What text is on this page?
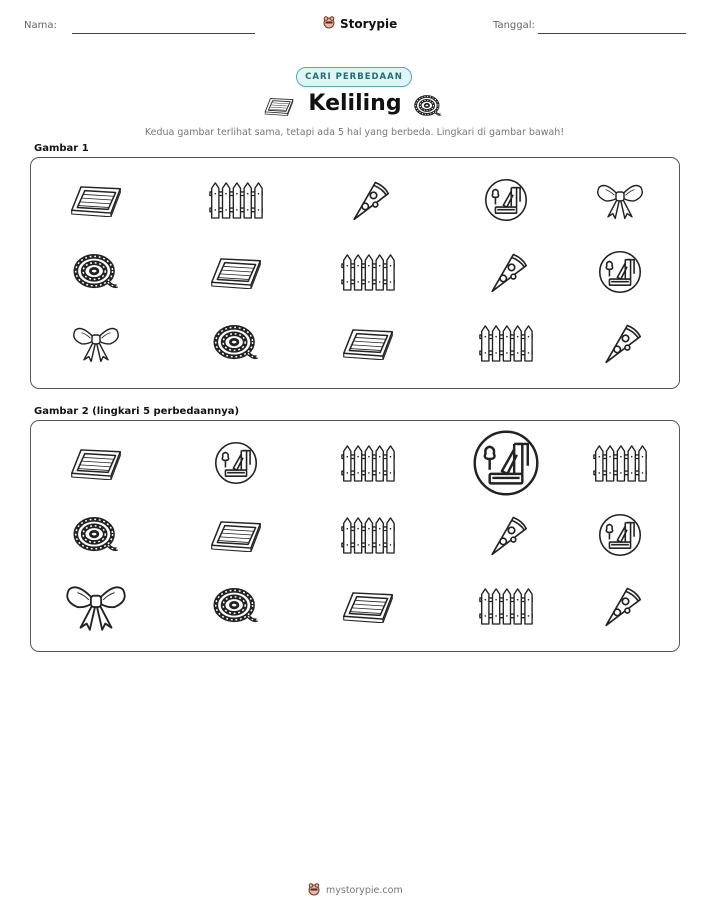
Nama:	Storypie	Tanggal:
CARI PERBEDAAN
Keliling
Kedua gambar terlihat sama, tetapi ada 5 hal yang berbeda. Lingkari di gambar bawah!
Gambar 1
Gambar 2 (lingkari 5 perbedaannya)
mystorypie.com
